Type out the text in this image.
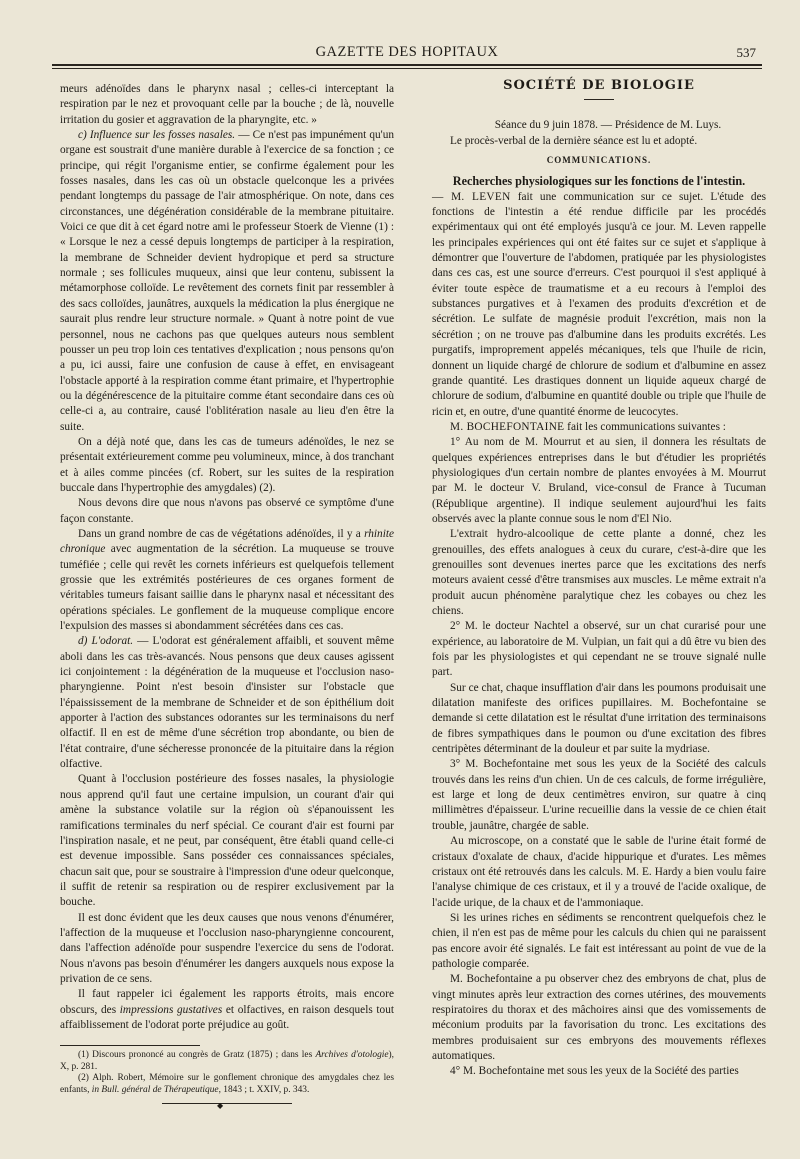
GAZETTE DES HOPITAUX	537

meurs adénoïdes dans le pharynx nasal ; celles-ci interceptant la respiration par le nez et provoquant celle par la bouche ; de là, nouvelle irritation du gosier et aggravation de la pharyngite, etc. »

c) Influence sur les fosses nasales. — Ce n'est pas impunément qu'un organe est soustrait d'une manière durable à l'exercice de sa fonction ; ce principe, qui régit l'organisme entier, se confirme également pour les fosses nasales, dans les cas où un obstacle quelconque les a privées pendant longtemps du passage de l'air atmosphérique. On note, dans ces circonstances, une dégénération considérable de la membrane pituitaire. Voici ce que dit à cet égard notre ami le professeur Stoerk de Vienne (1) : « Lorsque le nez a cessé depuis longtemps de participer à la respiration, la membrane de Schneider devient hydropique et perd sa structure normale ; ses follicules muqueux, ainsi que leur contenu, subissent la métamorphose colloïde. Le revêtement des cornets finit par ressembler à des sacs colloïdes, jaunâtres, auxquels la médication la plus énergique ne saurait plus rendre leur structure normale. » Quant à notre point de vue personnel, nous ne cachons pas que quelques auteurs nous semblent pousser un peu trop loin ces tentatives d'explication ; nous pensons qu'on a pu, ici aussi, faire une confusion de cause à effet, en envisageant l'obstacle apporté à la respiration comme étant primaire, et l'hypertrophie ou la dégénérescence de la pituitaire comme étant secondaire dans ces où celle-ci a, au contraire, causé l'oblitération nasale au lieu d'en être la suite.

On a déjà noté que, dans les cas de tumeurs adénoïdes, le nez se présentait extérieurement comme peu volumineux, mince, à dos tranchant et à ailes comme pincées (cf. Robert, sur les suites de la respiration buccale dans l'hypertrophie des amygdales) (2).

Nous devons dire que nous n'avons pas observé ce symptôme d'une façon constante.

Dans un grand nombre de cas de végétations adénoïdes, il y a rhinite chronique avec augmentation de la sécrétion. La muqueuse se trouve tuméfiée ; celle qui revêt les cornets inférieurs est quelquefois tellement grossie que les extrémités postérieures de ces organes forment de véritables tumeurs faisant saillie dans le pharynx nasal et nécessitant des opérations spéciales. Le gonflement de la muqueuse complique encore l'expulsion des masses si abondamment sécrétées dans ces cas.

d) L'odorat. — L'odorat est généralement affaibli, et souvent même aboli dans les cas très-avancés. Nous pensons que deux causes agissent ici conjointement : la dégénération de la muqueuse et l'occlusion naso-pharyngienne. Point n'est besoin d'insister sur l'obstacle que l'épaississement de la membrane de Schneider et de son épithélium doit apporter à l'action des substances odorantes sur les terminaisons du nerf olfactif. Il en est de même d'une sécrétion trop abondante, ou bien de l'état contraire, d'une sécheresse prononcée de la pituitaire dans la région olfactive.

Quant à l'occlusion postérieure des fosses nasales, la physiologie nous apprend qu'il faut une certaine impulsion, un courant d'air qui amène la substance volatile sur la région où s'épanouissent les ramifications terminales du nerf spécial. Ce courant d'air est fourni par l'inspiration nasale, et ne peut, par conséquent, être établi quand celle-ci est devenue impossible. Sans posséder ces connaissances spéciales, chacun sait que, pour se soustraire à l'impression d'une odeur quelconque, il suffit de retenir sa respiration ou de respirer exclusivement par la bouche.

Il est donc évident que les deux causes que nous venons d'énumérer, l'affection de la muqueuse et l'occlusion naso-pharyngienne concourent, dans l'affection adénoïde pour suspendre l'exercice du sens de l'odorat. Nous n'avons pas besoin d'énumérer les dangers auxquels nous expose la privation de ce sens.

Il faut rappeler ici également les rapports étroits, mais encore obscurs, des impressions gustatives et olfactives, en raison desquels tout affaiblissement de l'odorat porte préjudice au goût.

(1) Discours prononcé au congrès de Gratz (1875) ; dans les Archives d'otologie), X, p. 281.

(2) Alph. Robert, Mémoire sur le gonflement chronique des amygdales chez les enfants, in Bull. général de Thérapeutique, 1843 ; t. XXIV, p. 343.

◆
SOCIÉTÉ DE BIOLOGIE

Séance du 9 juin 1878. — Présidence de M. Luys.

Le procès-verbal de la dernière séance est lu et adopté.

COMMUNICATIONS.
Recherches physiologiques sur les fonctions de l'intestin.

— M. LEVEN fait une communication sur ce sujet. L'étude des fonctions de l'intestin a été rendue difficile par les procédés expérimentaux qui ont été employés jusqu'à ce jour. M. Leven rappelle les principales expériences qui ont été faites sur ce sujet et s'applique à démontrer que l'ouverture de l'abdomen, pratiquée par les physiologistes dans ces cas, est une source d'erreurs. C'est pourquoi il s'est appliqué à éviter toute espèce de traumatisme et a eu recours à l'emploi des substances purgatives et à l'examen des produits d'excrétion et de sécrétion. Le sulfate de magnésie produit l'excrétion, mais non la sécrétion ; on ne trouve pas d'albumine dans les produits excrétés. Les purgatifs, improprement appelés mécaniques, tels que l'huile de ricin, donnent un liquide chargé de chlorure de sodium et d'albumine en assez grande quantité. Les drastiques donnent un liquide aqueux chargé de chlorure de sodium, d'albumine en quantité double ou triple que l'huile de ricin et, en outre, d'une quantité énorme de leucocytes.

M. BOCHEFONTAINE fait les communications suivantes :

1° Au nom de M. Mourrut et au sien, il donnera les résultats de quelques expériences entreprises dans le but d'étudier les propriétés physiologiques d'un certain nombre de plantes envoyées à M. Mourrut par M. le docteur V. Bruland, vice-consul de France à Tucuman (République argentine). Il indique seulement aujourd'hui les faits observés avec la plante connue sous le nom d'El Nio.

L'extrait hydro-alcoolique de cette plante a donné, chez les grenouilles, des effets analogues à ceux du curare, c'est-à-dire que les grenouilles sont devenues inertes parce que les excitations des nerfs moteurs avaient cessé d'être transmises aux muscles. Le même extrait n'a produit aucun phénomène paralytique chez les cobayes ou chez les chiens.

2° M. le docteur Nachtel a observé, sur un chat curarisé pour une expérience, au laboratoire de M. Vulpian, un fait qui a dû être vu bien des fois par les physiologistes et qui cependant ne se trouve signalé nulle part.

Sur ce chat, chaque insufflation d'air dans les poumons produisait une dilatation manifeste des orifices pupillaires. M. Bochefontaine se demande si cette dilatation est le résultat d'une irritation des terminaisons de fibres sympathiques dans le poumon ou d'une excitation des fibres centripètes déterminant de la douleur et par suite la mydriase.

3° M. Bochefontaine met sous les yeux de la Société des calculs trouvés dans les reins d'un chien. Un de ces calculs, de forme irrégulière, est large et long de deux centimètres environ, sur quatre à cinq millimètres d'épaisseur. L'urine recueillie dans la vessie de ce chien était trouble, jaunâtre, chargée de sable.

Au microscope, on a constaté que le sable de l'urine était formé de cristaux d'oxalate de chaux, d'acide hippurique et d'urates. Les mêmes cristaux ont été retrouvés dans les calculs. M. E. Hardy a bien voulu faire l'analyse chimique de ces cristaux, et il y a trouvé de l'acide oxalique, de l'acide urique, de la chaux et de l'ammoniaque.

Si les urines riches en sédiments se rencontrent quelquefois chez le chien, il n'en est pas de même pour les calculs du chien qui ne paraissent pas encore avoir été signalés. Le fait est intéressant au point de vue de la pathologie comparée.

M. Bochefontaine a pu observer chez des embryons de chat, plus de vingt minutes après leur extraction des cornes utérines, des mouvements respiratoires du thorax et des mâchoires ainsi que des vomissements de méconium produits par la favorisation du tronc. Les excitations des membres produisaient sur ces embryons des mouvements réflexes automatiques.

4° M. Bochefontaine met sous les yeux de la Société des parties
